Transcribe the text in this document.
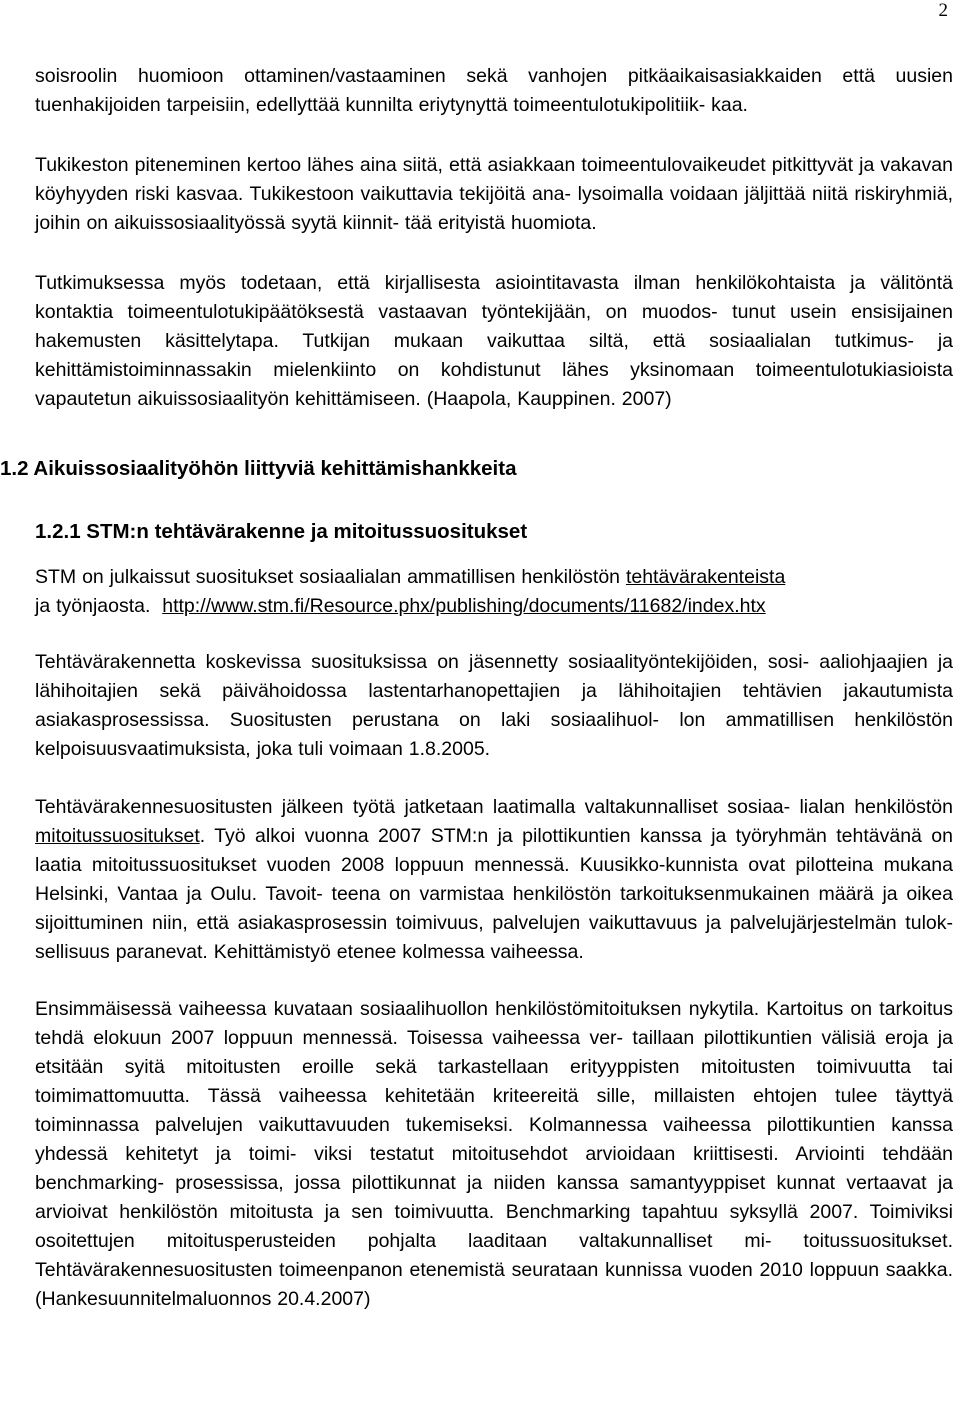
2

soisroolin huomioon ottaminen/vastaaminen sekä vanhojen pitkäaikaisasiakkaiden että uusien tuenhakijoiden tarpeisiin, edellyttää kunnilta eriytynyttä toimeentulotukipolitiik- kaa.

Tukikeston piteneminen kertoo lähes aina siitä, että asiakkaan toimeentulovaikeudet pitkittyvät ja vakavan köyhyyden riski kasvaa. Tukikestoon vaikuttavia tekijöitä ana- lysoimalla voidaan jäljittää niitä riskiryhmiä, joihin on aikuissosiaalityössä syytä kiinnit- tää erityistä huomiota.

Tutkimuksessa myös todetaan, että kirjallisesta asiointitavasta ilman henkilökohtaista ja välitöntä kontaktia toimeentulotukipäätöksestä vastaavan työntekijään, on muodos- tunut usein ensisijainen hakemusten käsittelytapa. Tutkijan mukaan vaikuttaa siltä, että sosiaalialan tutkimus- ja kehittämistoiminnassakin mielenkiinto on kohdistunut lähes yksinomaan toimeentulotukiasioista vapautetun aikuissosiaalityön kehittämiseen. (Haapola, Kauppinen. 2007)

1.2 Aikuissosiaalityöhön liittyviä kehittämishankkeita
1.2.1 STM:n tehtävärakenne ja mitoitussuositukset

STM on julkaissut suositukset sosiaalialan ammatillisen henkilöstön tehtävärakenteista
ja työnjaosta. http://www.stm.fi/Resource.phx/publishing/documents/11682/index.htx

Tehtävärakennetta koskevissa suosituksissa on jäsennetty sosiaalityöntekijöiden, sosi- aaliohjaajien ja lähihoitajien sekä päivähoidossa lastentarhanopettajien ja lähihoitajien tehtävien jakautumista asiakasprosessissa. Suositusten perustana on laki sosiaalihuol- lon ammatillisen henkilöstön kelpoisuusvaatimuksista, joka tuli voimaan 1.8.2005.

Tehtävärakennesuositusten jälkeen työtä jatketaan laatimalla valtakunnalliset sosiaa- lialan henkilöstön mitoitussuositukset. Työ alkoi vuonna 2007 STM:n ja pilottikuntien kanssa ja työryhmän tehtävänä on laatia mitoitussuositukset vuoden 2008 loppuun mennessä. Kuusikko-kunnista ovat pilotteina mukana Helsinki, Vantaa ja Oulu. Tavoit- teena on varmistaa henkilöstön tarkoituksenmukainen määrä ja oikea sijoittuminen niin, että asiakasprosessin toimivuus, palvelujen vaikuttavuus ja palvelujärjestelmän tulok- sellisuus paranevat. Kehittämistyö etenee kolmessa vaiheessa.

Ensimmäisessä vaiheessa kuvataan sosiaalihuollon henkilöstömitoituksen nykytila. Kartoitus on tarkoitus tehdä elokuun 2007 loppuun mennessä. Toisessa vaiheessa ver- taillaan pilottikuntien välisiä eroja ja etsitään syitä mitoitusten eroille sekä tarkastellaan erityyppisten mitoitusten toimivuutta tai toimimattomuutta. Tässä vaiheessa kehitetään kriteereitä sille, millaisten ehtojen tulee täyttyä toiminnassa palvelujen vaikuttavuuden tukemiseksi. Kolmannessa vaiheessa pilottikuntien kanssa yhdessä kehitetyt ja toimi- viksi testatut mitoitusehdot arvioidaan kriittisesti. Arviointi tehdään benchmarking- prosessissa, jossa pilottikunnat ja niiden kanssa samantyyppiset kunnat vertaavat ja arvioivat henkilöstön mitoitusta ja sen toimivuutta. Benchmarking tapahtuu syksyllä 2007. Toimiviksi osoitettujen mitoitusperusteiden pohjalta laaditaan valtakunnalliset mi- toitussuositukset. Tehtävärakennesuositusten toimeenpanon etenemistä seurataan kunnissa vuoden 2010 loppuun saakka. (Hankesuunnitelmaluonnos 20.4.2007)
